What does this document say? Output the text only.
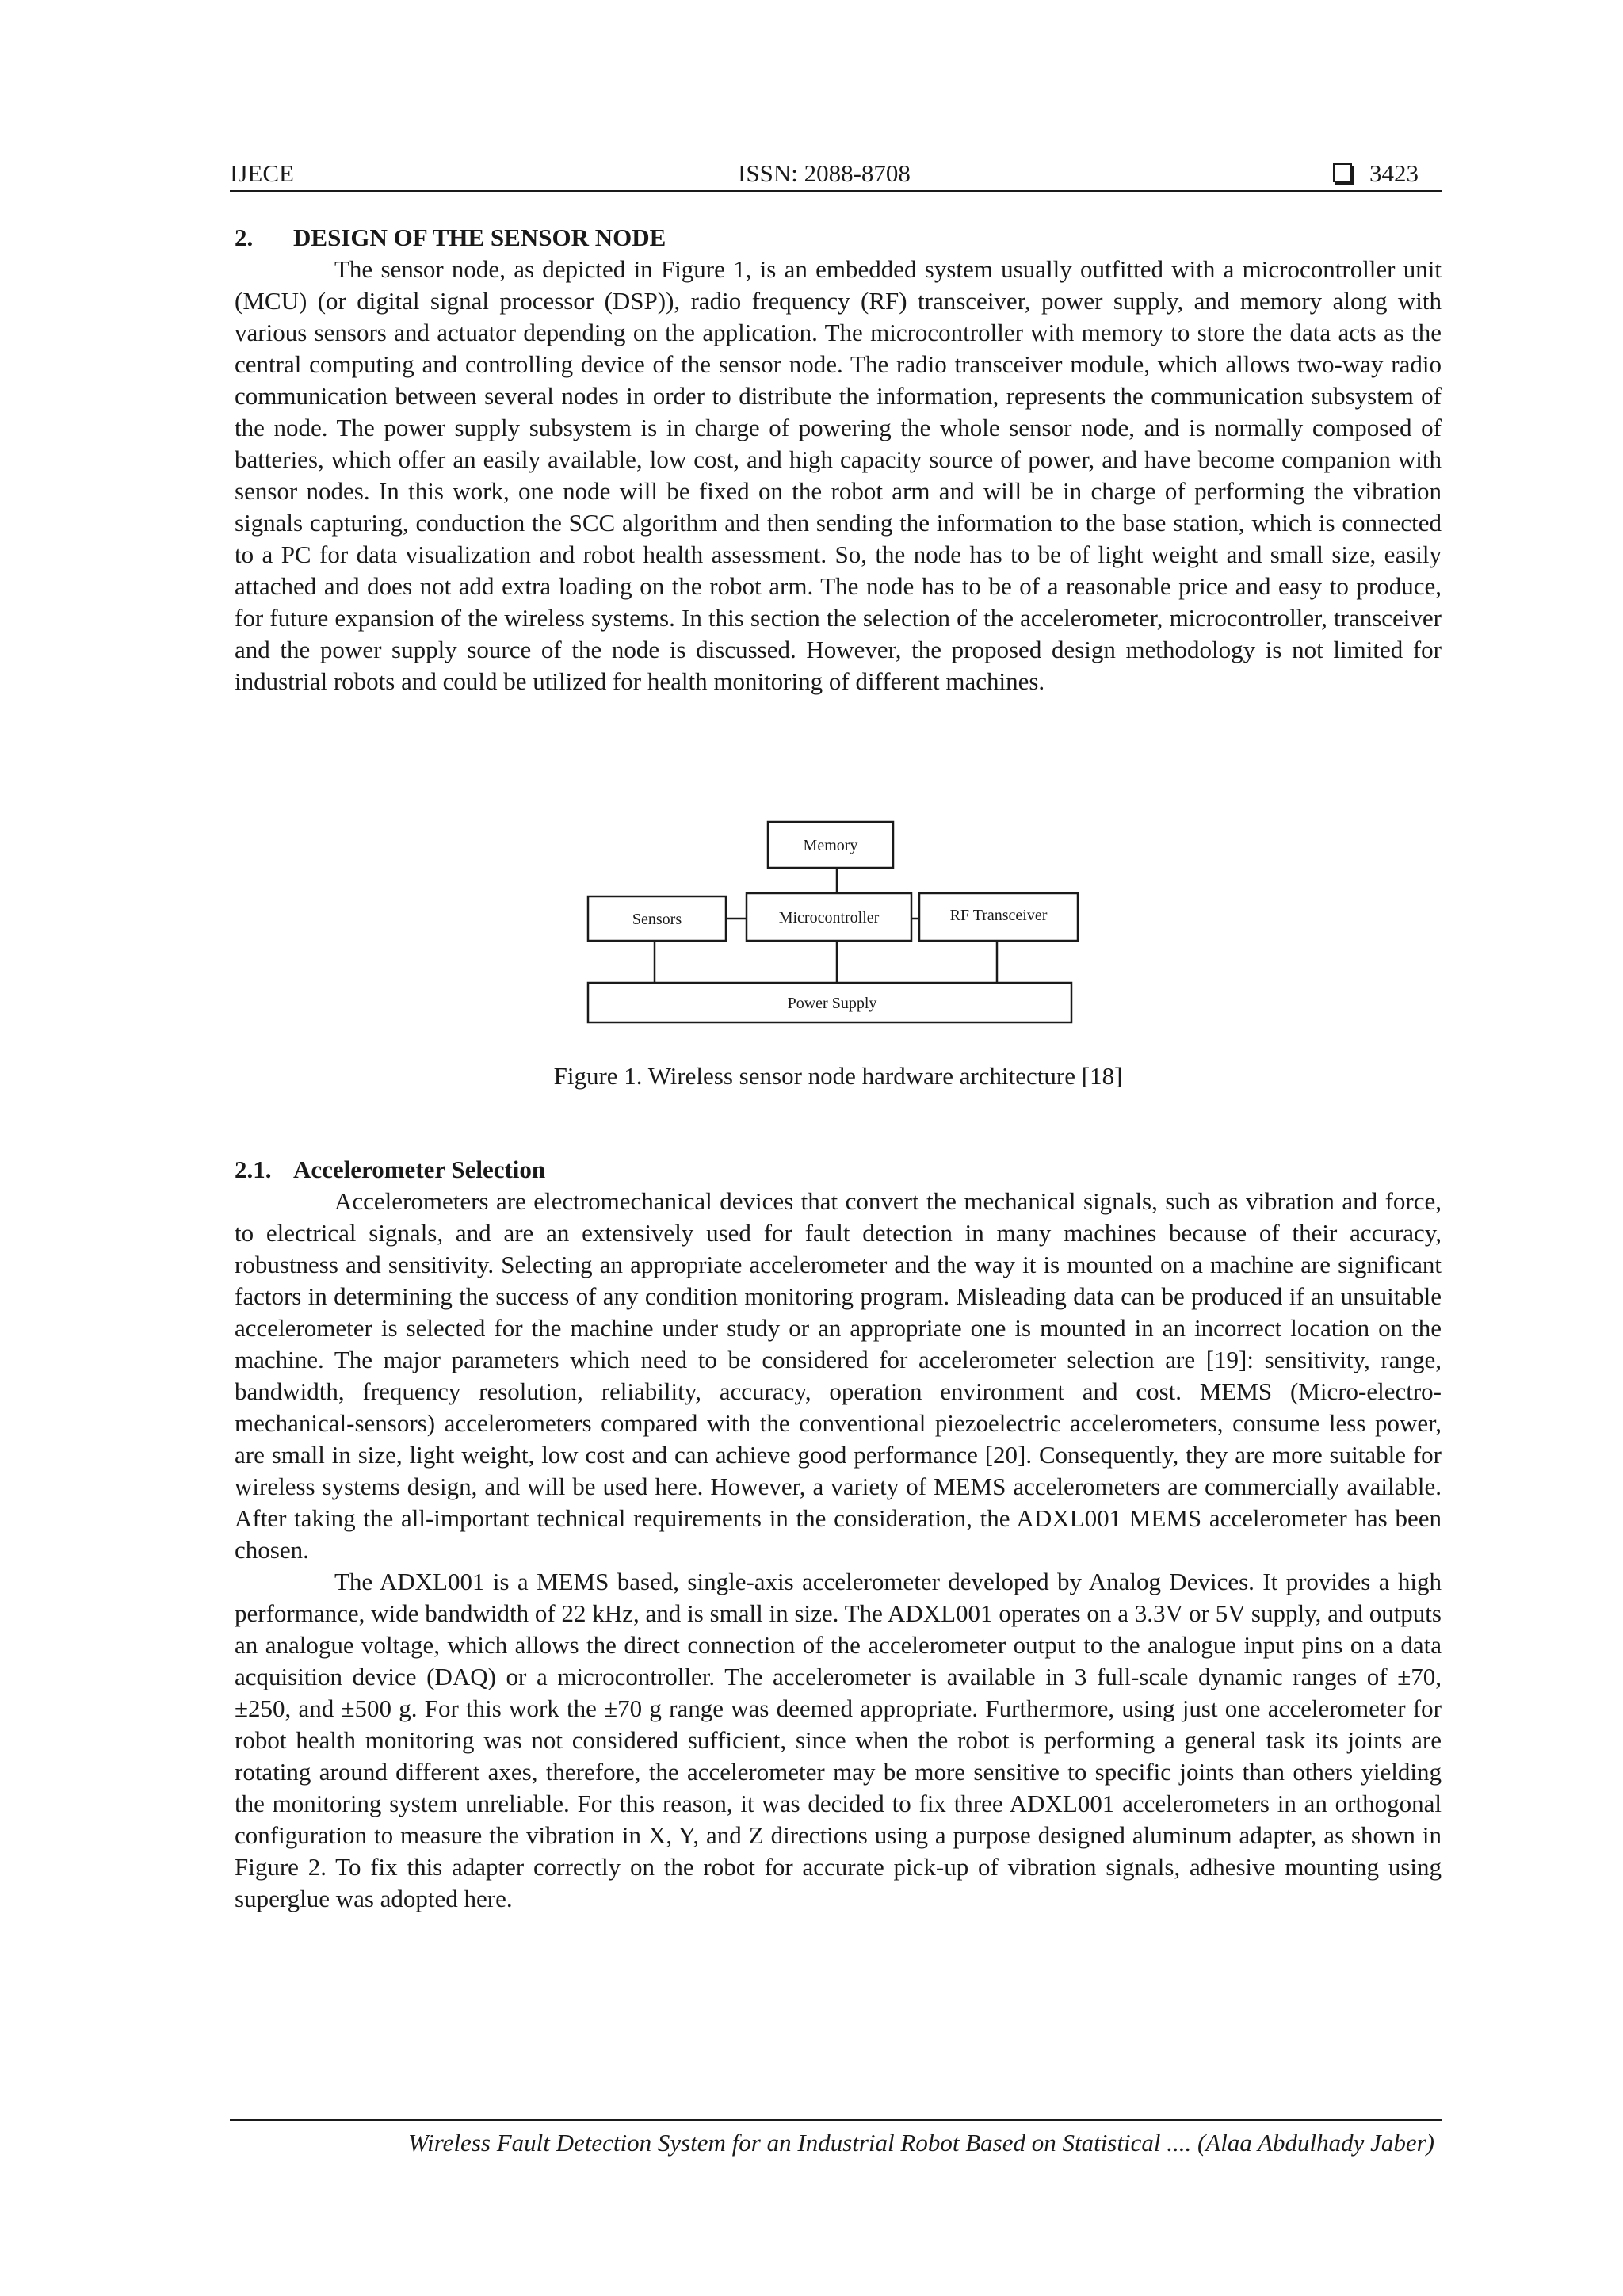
IJECE	ISSN: 2088-8708	3423

2. DESIGN OF THE SENSOR NODE

The sensor node, as depicted in Figure 1, is an embedded system usually outfitted with a microcontroller unit (MCU) (or digital signal processor (DSP)), radio frequency (RF) transceiver, power supply, and memory along with various sensors and actuator depending on the application. The microcontroller with memory to store the data acts as the central computing and controlling device of the sensor node. The radio transceiver module, which allows two-way radio communication between several nodes in order to distribute the information, represents the communication subsystem of the node. The power supply subsystem is in charge of powering the whole sensor node, and is normally composed of batteries, which offer an easily available, low cost, and high capacity source of power, and have become companion with sensor nodes. In this work, one node will be fixed on the robot arm and will be in charge of performing the vibration signals capturing, conduction the SCC algorithm and then sending the information to the base station, which is connected to a PC for data visualization and robot health assessment. So, the node has to be of light weight and small size, easily attached and does not add extra loading on the robot arm. The node has to be of a reasonable price and easy to produce, for future expansion of the wireless systems. In this section the selection of the accelerometer, microcontroller, transceiver and the power supply source of the node is discussed. However, the proposed design methodology is not limited for industrial robots and could be utilized for health monitoring of different machines.

Memory
Sensors	Microcontroller	RF Transceiver
Power Supply
Figure 1. Wireless sensor node hardware architecture [18]

2.1. Accelerometer Selection

Accelerometers are electromechanical devices that convert the mechanical signals, such as vibration and force, to electrical signals, and are an extensively used for fault detection in many machines because of their accuracy, robustness and sensitivity. Selecting an appropriate accelerometer and the way it is mounted on a machine are significant factors in determining the success of any condition monitoring program. Misleading data can be produced if an unsuitable accelerometer is selected for the machine under study or an appropriate one is mounted in an incorrect location on the machine. The major parameters which need to be considered for accelerometer selection are [19]: sensitivity, range, bandwidth, frequency resolution, reliability, accuracy, operation environment and cost. MEMS (Micro-electro-mechanical-sensors) accelerometers compared with the conventional piezoelectric accelerometers, consume less power, are small in size, light weight, low cost and can achieve good performance [20]. Consequently, they are more suitable for wireless systems design, and will be used here. However, a variety of MEMS accelerometers are commercially available. After taking the all-important technical requirements in the consideration, the ADXL001 MEMS accelerometer has been chosen.

The ADXL001 is a MEMS based, single-axis accelerometer developed by Analog Devices. It provides a high performance, wide bandwidth of 22 kHz, and is small in size. The ADXL001 operates on a 3.3V or 5V supply, and outputs an analogue voltage, which allows the direct connection of the accelerometer output to the analogue input pins on a data acquisition device (DAQ) or a microcontroller. The accelerometer is available in 3 full-scale dynamic ranges of ±70, ±250, and ±500 g. For this work the ±70 g range was deemed appropriate. Furthermore, using just one accelerometer for robot health monitoring was not considered sufficient, since when the robot is performing a general task its joints are rotating around different axes, therefore, the accelerometer may be more sensitive to specific joints than others yielding the monitoring system unreliable. For this reason, it was decided to fix three ADXL001 accelerometers in an orthogonal configuration to measure the vibration in X, Y, and Z directions using a purpose designed aluminum adapter, as shown in Figure 2. To fix this adapter correctly on the robot for accurate pick-up of vibration signals, adhesive mounting using superglue was adopted here.

Wireless Fault Detection System for an Industrial Robot Based on Statistical .... (Alaa Abdulhady Jaber)
